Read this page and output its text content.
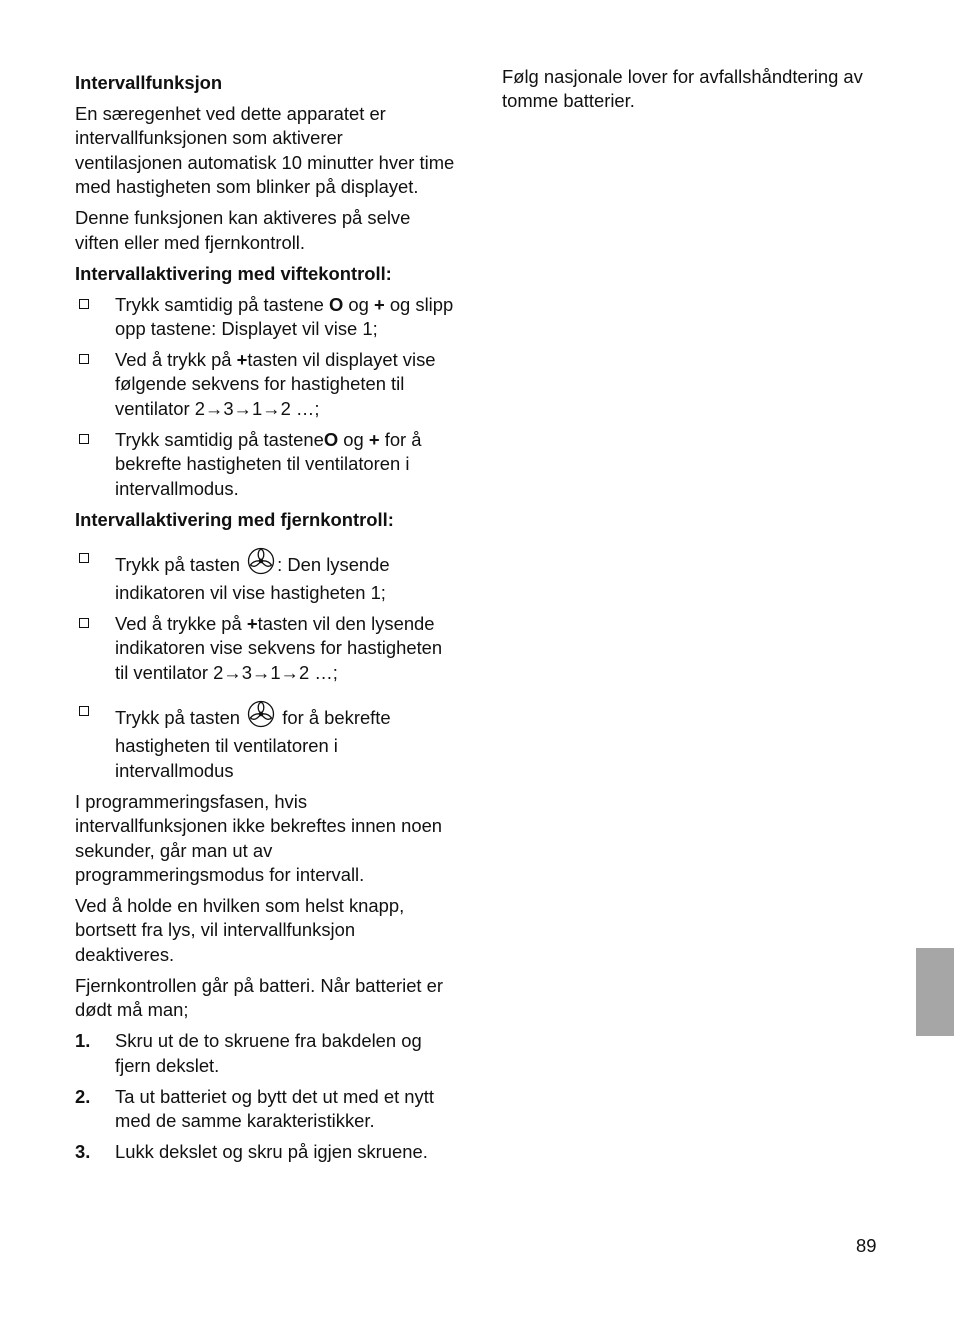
Intervallfunksjon

En særegenhet ved dette apparatet er intervallfunksjonen som aktiverer ventilasjonen automatisk 10 minutter hver time med hastigheten som blinker på displayet.

Denne funksjonen kan aktiveres på selve viften eller med fjernkontroll.

Intervallaktivering med viftekontroll:

Trykk samtidig på tastene O og + og slipp opp tastene: Displayet vil vise 1;
Ved å trykk på +tasten vil displayet vise følgende sekvens for hastigheten til ventilator 2→3→1→2 …;
Trykk samtidig på tasteneO og + for å bekrefte hastigheten til ventilatoren i intervallmodus.

Intervallaktivering med fjernkontroll:

Trykk på tasten : Den lysende indikatoren vil vise hastigheten 1;
Ved å trykke på +tasten vil den lysende indikatoren vise sekvens for hastigheten til ventilator 2→3→1→2 …;
Trykk på tasten  for å bekrefte hastigheten til ventilatoren i intervallmodus

I programmeringsfasen, hvis intervallfunksjonen ikke bekreftes innen noen sekunder, går man ut av programmeringsmodus for intervall.

Ved å holde en hvilken som helst knapp, bortsett fra lys, vil intervallfunksjon deaktiveres.

Fjernkontrollen går på batteri. Når batteriet er dødt må man;

1. Skru ut de to skruene fra bakdelen og fjern dekslet.
2. Ta ut batteriet og bytt det ut med et nytt med de samme karakteristikker.
3. Lukk dekslet og skru på igjen skruene.

Følg nasjonale lover for avfallshåndtering av tomme batterier.

89
